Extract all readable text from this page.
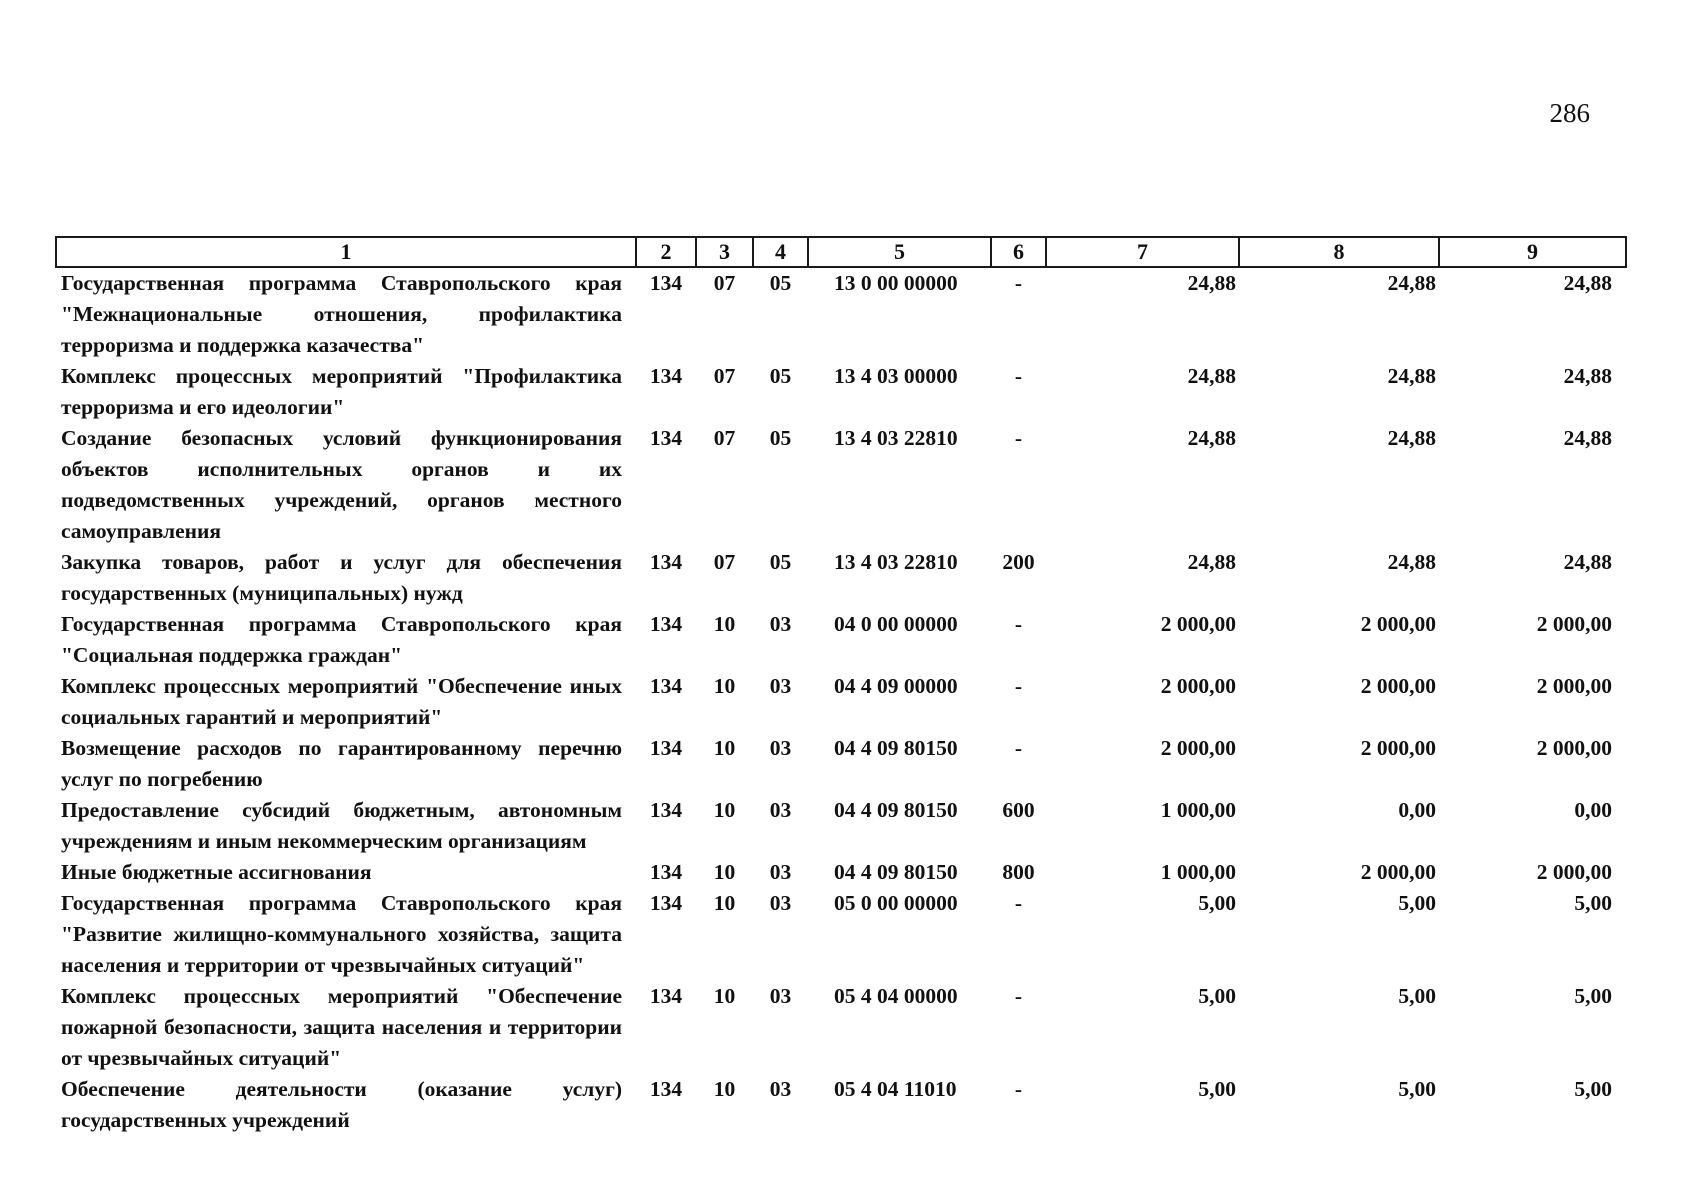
286
1	2	3	4	5	6	7	8	9
Государственная программа Ставропольского края "Межнациональные отношения, профилактика терроризма и поддержка казачества"	134	07	05	13 0 00 00000	-	24,88	24,88	24,88
Комплекс процессных мероприятий "Профилактика терроризма и его идеологии"	134	07	05	13 4 03 00000	-	24,88	24,88	24,88
Создание безопасных условий функционирования объектов исполнительных органов и их подведомственных учреждений, органов местного самоуправления	134	07	05	13 4 03 22810	-	24,88	24,88	24,88
Закупка товаров, работ и услуг для обеспечения государственных (муниципальных) нужд	134	07	05	13 4 03 22810	200	24,88	24,88	24,88
Государственная программа Ставропольского края "Социальная поддержка граждан"	134	10	03	04 0 00 00000	-	2 000,00	2 000,00	2 000,00
Комплекс процессных мероприятий "Обеспечение иных социальных гарантий и мероприятий"	134	10	03	04 4 09 00000	-	2 000,00	2 000,00	2 000,00
Возмещение расходов по гарантированному перечню услуг по погребению	134	10	03	04 4 09 80150	-	2 000,00	2 000,00	2 000,00
Предоставление субсидий бюджетным, автономным учреждениям и иным некоммерческим организациям	134	10	03	04 4 09 80150	600	1 000,00	0,00	0,00
Иные бюджетные ассигнования	134	10	03	04 4 09 80150	800	1 000,00	2 000,00	2 000,00
Государственная программа Ставропольского края "Развитие жилищно-коммунального хозяйства, защита населения и территории от чрезвычайных ситуаций"	134	10	03	05 0 00 00000	-	5,00	5,00	5,00
Комплекс процессных мероприятий "Обеспечение пожарной безопасности, защита населения и территории от чрезвычайных ситуаций"	134	10	03	05 4 04 00000	-	5,00	5,00	5,00
Обеспечение деятельности (оказание услуг) государственных учреждений	134	10	03	05 4 04 11010	-	5,00	5,00	5,00
